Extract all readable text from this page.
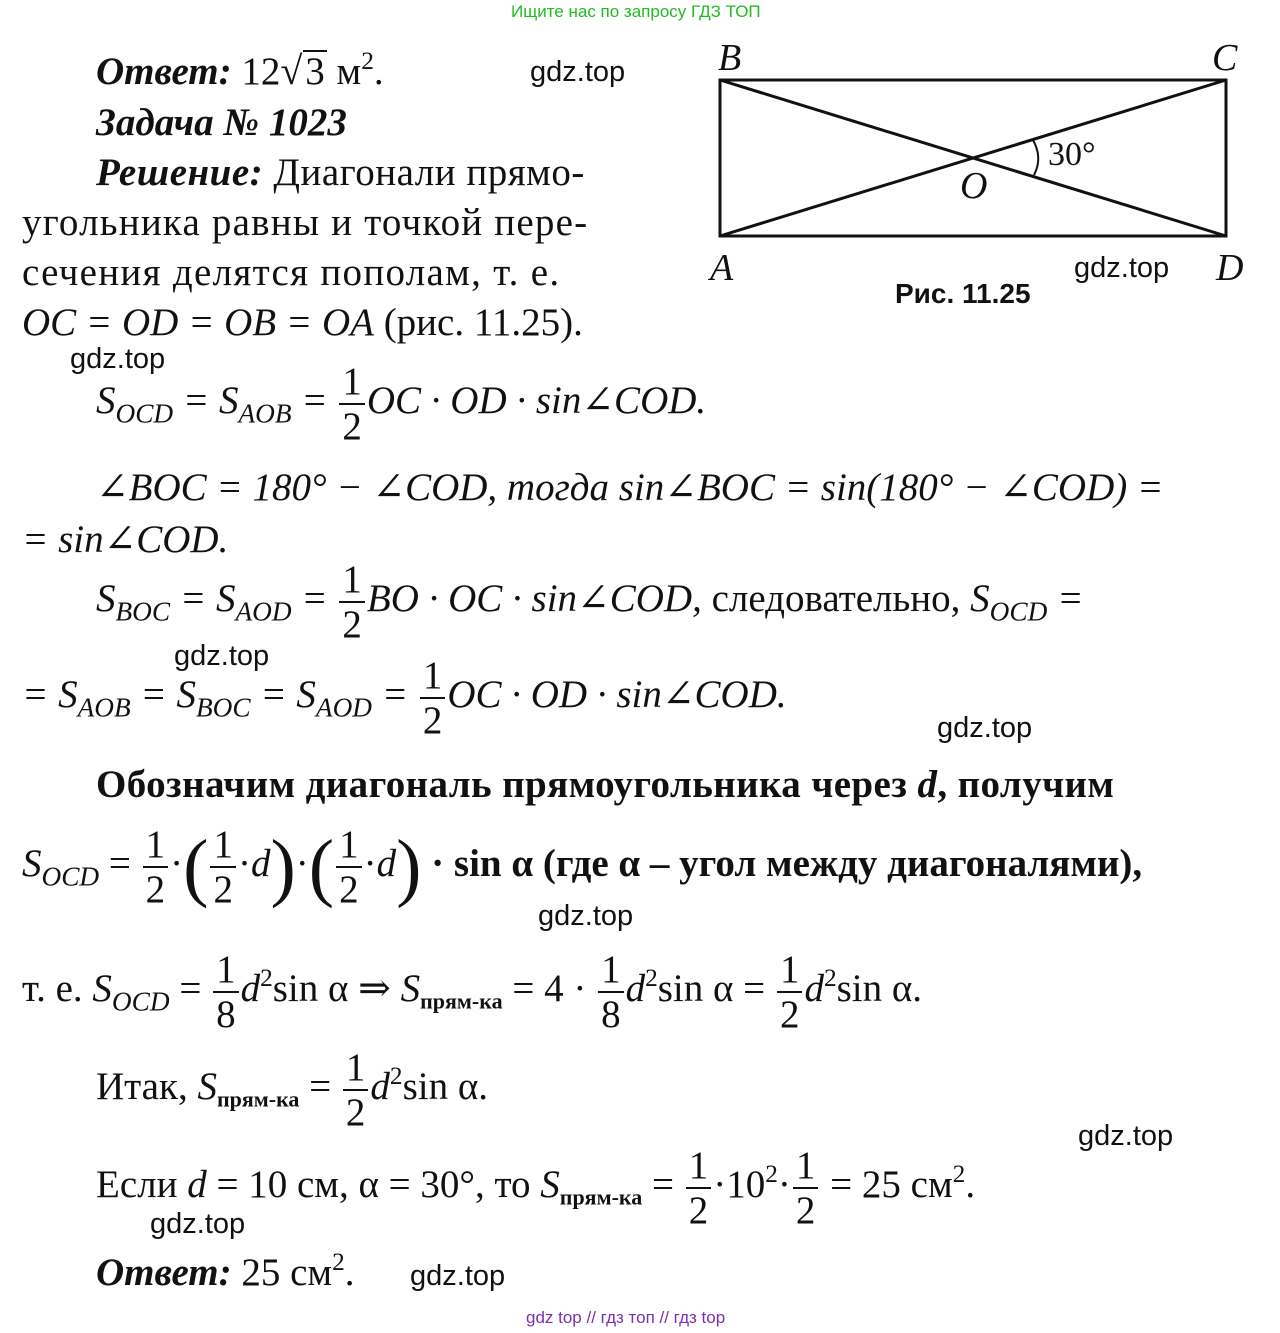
Ищите нас по запросу ГДЗ ТОП
Ответ: 12√3 $м^2$.
Задача № 1023
Решение: Диагонали прямо-
угольника равны и точкой пере-
сечения делятся пополам, т. е.
OC = OD = OB = OA (рис. 11.25).
B	C
A	D
O
30°
Рис. 11.25
$S_{OCD} = S_{AOB} = \frac{1}{2}$ OC · OD · sin∠COD.
∠BOC = 180° − ∠COD, тогда sin∠BOC = sin(180° − ∠COD) =
= sin∠COD.
$S_{BOC} = S_{AOD} = \frac{1}{2}$ BO · OC · sin∠COD, следовательно, $S_{OCD}$ =
= $S_{AOB} = S_{BOC} = S_{AOD} = \frac{1}{2}$ OC · OD · sin∠COD.
Обозначим диагональ прямоугольника через d, получим
$S_{OCD} = \frac{1}{2}$ ·( $\frac{1}{2} \cdot d)\cdot( \frac{1}{2} \cdot d) \cdot \sin \alpha$ (где α – угол между диагоналями),
т. е. $S_{OCD} = \frac{1}{8} d^2\sin$ α ⇒ $S_{прям-ка} = 4 \cdot \frac{1}{8} d^2\sin$ $\alpha = \frac{1}{2} d^2\sin$ α.
Итак, $S_{прям-ка} = \frac{1}{2} d^2\sin$ α.
Если d = 10 см, α = 30°, то $S_{прям-ка} = \frac{1}{2} \cdot 10^2\cdot \frac{1}{2} = 25$ $см^2$.
Ответ: 25 $см^2$.
gdz.top
gdz.top
gdz.top
gdz.top
gdz.top
gdz.top
gdz.top
gdz.top
gdz.top
gdz top // гдз топ // гдз top
